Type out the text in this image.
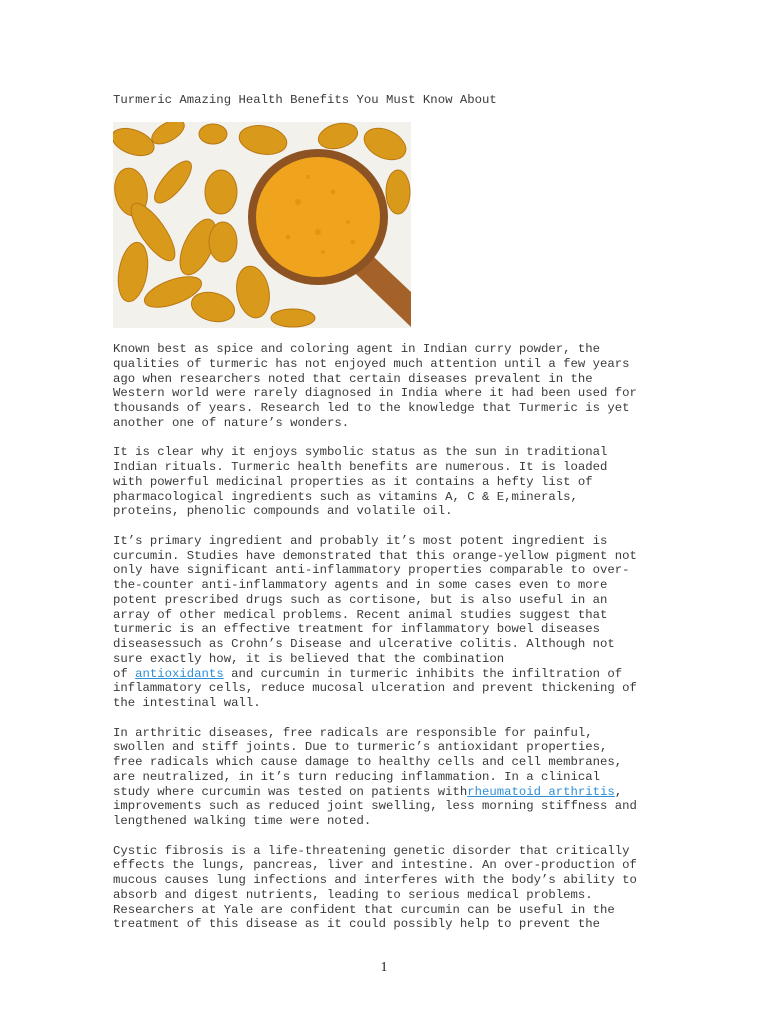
Turmeric Amazing Health Benefits You Must Know About

Known best as spice and coloring agent in Indian curry powder, the
qualities of turmeric has not enjoyed much attention until a few years
ago when researchers noted that certain diseases prevalent in the
Western world were rarely diagnosed in India where it had been used for
thousands of years. Research led to the knowledge that Turmeric is yet
another one of nature’s wonders.

It is clear why it enjoys symbolic status as the sun in traditional
Indian rituals. Turmeric health benefits are numerous. It is loaded
with powerful medicinal properties as it contains a hefty list of
pharmacological ingredients such as vitamins A, C & E,minerals,
proteins, phenolic compounds and volatile oil.

It’s primary ingredient and probably it’s most potent ingredient is
curcumin. Studies have demonstrated that this orange-yellow pigment not
only have significant anti-inflammatory properties comparable to over-
the-counter anti-inflammatory agents and in some cases even to more
potent prescribed drugs such as cortisone, but is also useful in an
array of other medical problems. Recent animal studies suggest that
turmeric is an effective treatment for inflammatory bowel diseases
diseasessuch as Crohn’s Disease and ulcerative colitis. Although not
sure exactly how, it is believed that the combination
of antioxidants and curcumin in turmeric inhibits the infiltration of
inflammatory cells, reduce mucosal ulceration and prevent thickening of
the intestinal wall.

In arthritic diseases, free radicals are responsible for painful,
swollen and stiff joints. Due to turmeric’s antioxidant properties,
free radicals which cause damage to healthy cells and cell membranes,
are neutralized, in it’s turn reducing inflammation. In a clinical
study where curcumin was tested on patients withrheumatoid arthritis,
improvements such as reduced joint swelling, less morning stiffness and
lengthened walking time were noted.

Cystic fibrosis is a life-threatening genetic disorder that critically
effects the lungs, pancreas, liver and intestine. An over-production of
mucous causes lung infections and interferes with the body’s ability to
absorb and digest nutrients, leading to serious medical problems.
Researchers at Yale are confident that curcumin can be useful in the
treatment of this disease as it could possibly help to prevent the

1
